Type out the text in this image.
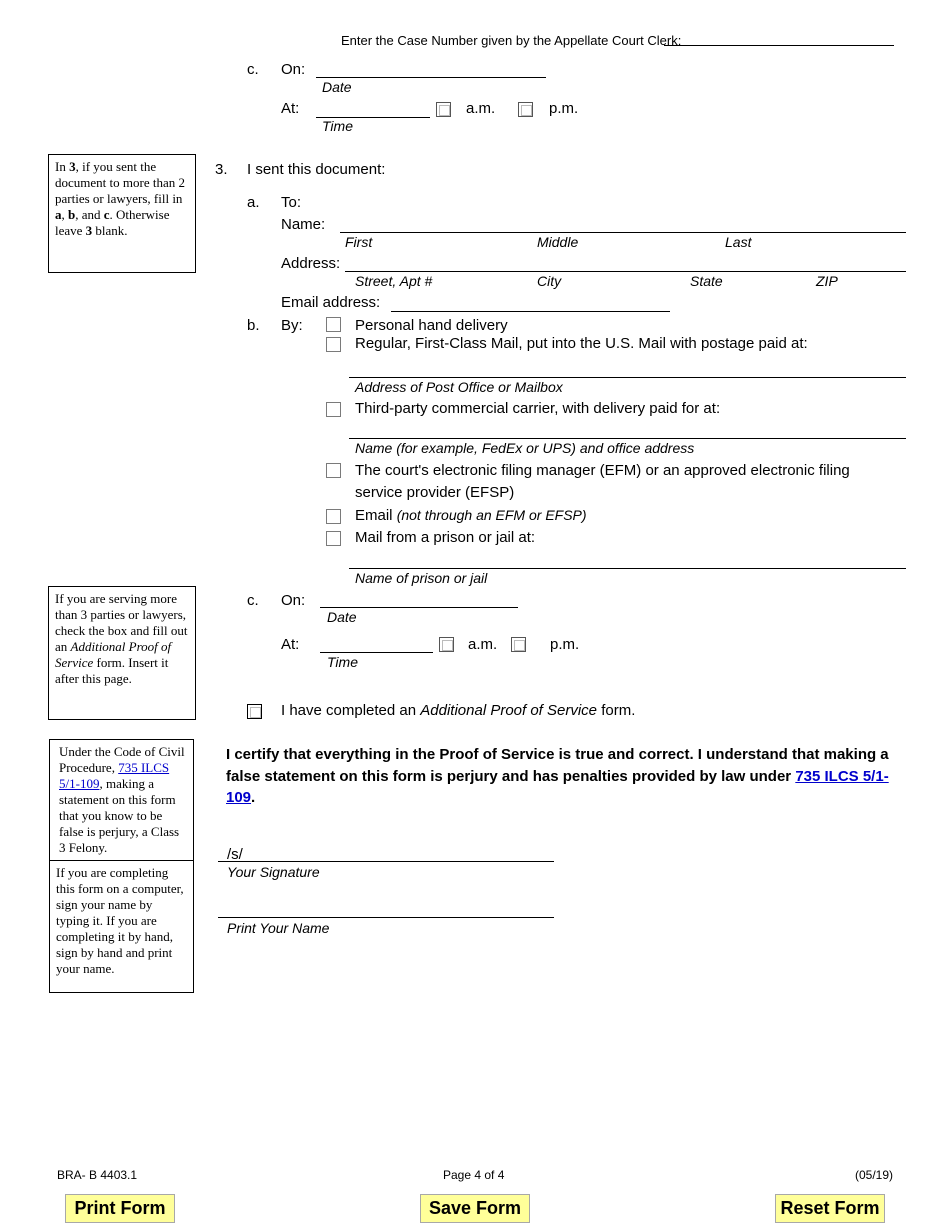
Enter the Case Number given by the Appellate Court Clerk:
c. On:
Date
At:
Time
a.m.	p.m.
In 3, if you sent the document to more than 2 parties or lawyers, fill in a, b, and c. Otherwise leave 3 blank.
3. I sent this document:
a. To:
Name:
First	Middle	Last
Address:
Street, Apt #	City	State	ZIP
Email address:
b. By:	Personal hand delivery
Regular, First-Class Mail, put into the U.S. Mail with postage paid at:
Address of Post Office or Mailbox
Third-party commercial carrier, with delivery paid for at:
Name (for example, FedEx or UPS) and office address
The court's electronic filing manager (EFM) or an approved electronic filing
service provider (EFSP)
Email (not through an EFM or EFSP)
Mail from a prison or jail at:
Name of prison or jail
If you are serving more than 3 parties or lawyers, check the box and fill out an Additional Proof of Service form. Insert it after this page.
c. On:
Date
At:
Time
a.m.	p.m.
I have completed an Additional Proof of Service form.
Under the Code of Civil Procedure, 735 ILCS 5/1-109, making a statement on this form that you know to be false is perjury, a Class 3 Felony.
If you are completing this form on a computer, sign your name by typing it. If you are completing it by hand, sign by hand and print your name.
I certify that everything in the Proof of Service is true and correct. I understand that making a false statement on this form is perjury and has penalties provided by law under 735 ILCS 5/1-109.
/s/
Your Signature
Print Your Name
BRA- B 4403.1	Page 4 of 4	(05/19)
Print Form	Save Form	Reset Form
